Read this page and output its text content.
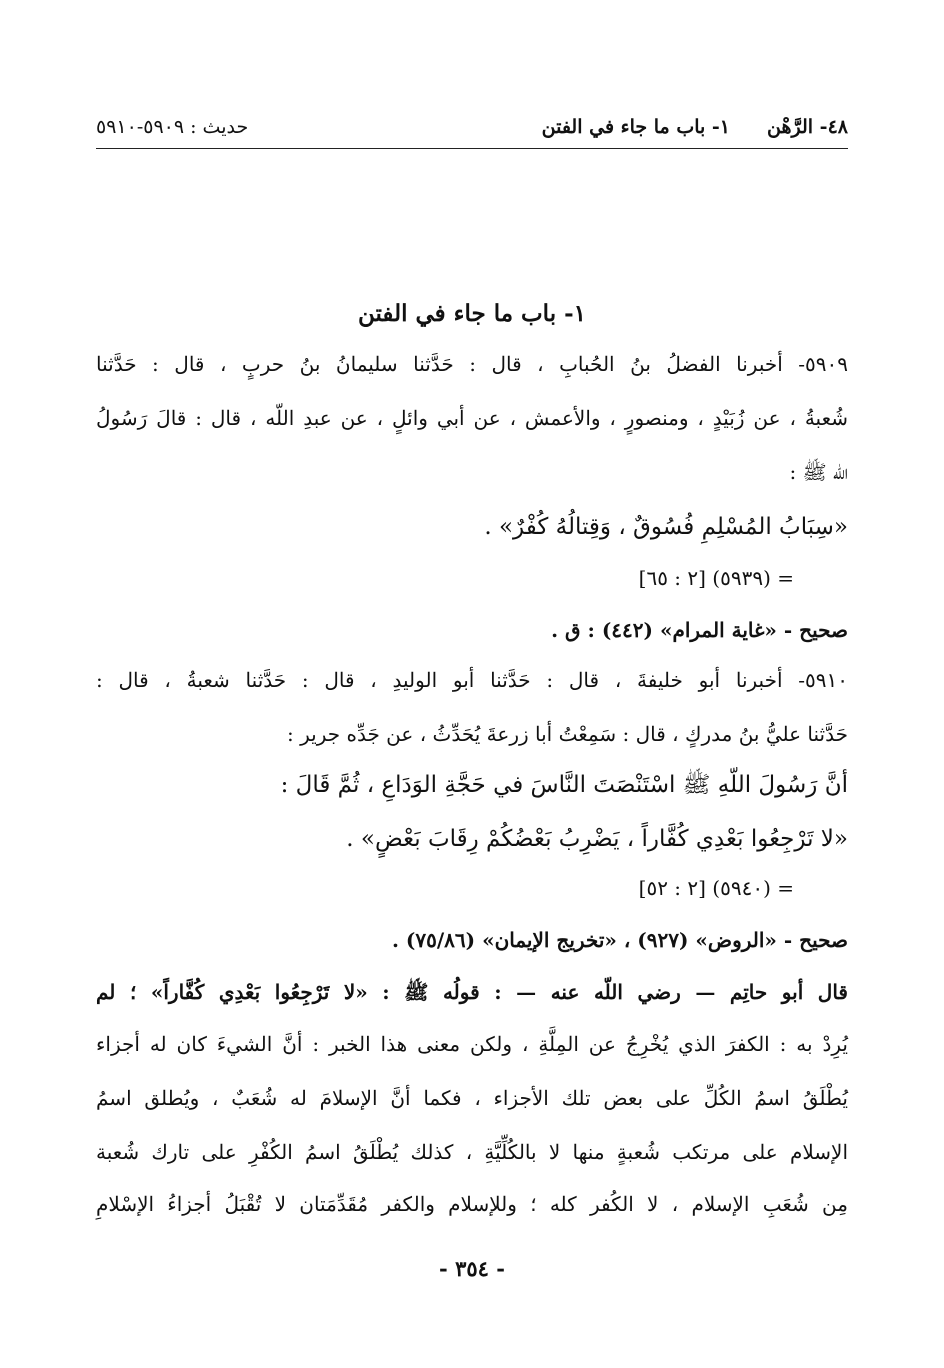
٤٨- الرَّهْن
١- باب ما جاء في الفتن
حديث : ٥٩٠٩-٥٩١٠
١- باب ما جاء في الفتن
٥٩٠٩- أخبرنا الفضلُ بنُ الحُبابِ ، قال : حَدَّثنا سليمانُ بنُ حربٍ ، قال : حَدَّثنا
شُعبةُ ، عن زُبَيْدٍ ، ومنصورٍ ، والأعمش ، عن أبي وائلٍ ، عن عبدِ اللّه ، قال : قالَ رَسُولُ
اللّه ﷺ :
«سِبَابُ المُسْلِمِ فُسُوقٌ ، وَقِتالُهُ كُفْرٌ» .
= (٥٩٣٩) [٢ : ٦٥]
صحيح - «غاية المرام» (٤٤٢) : ق .
٥٩١٠- أخبرنا أبو خليفةَ ، قال : حَدَّثنا أبو الوليدِ ، قال : حَدَّثنا شعبةُ ، قال :
حَدَّثنا عليُّ بنُ مدركٍ ، قال : سَمِعْتُ أبا زرعةَ يُحَدِّثُ ، عن جَدِّه جرير :
أنَّ رَسُولَ اللّهِ ﷺ اسْتَنْصَتَ النَّاسَ في حَجَّةِ الوَدَاعِ ، ثُمَّ قَالَ :
«لا تَرْجِعُوا بَعْدِي كُفَّاراً ، يَضْرِبُ بَعْضُكُمْ رِقَابَ بَعْضٍ» .
= (٥٩٤٠) [٢ : ٥٢]
صحيح - «الروض» (٩٢٧) ، «تخريج الإيمان» (٧٥/٨٦) .
قال أبو حاتِم — رضي اللّه عنه — : قولُه ﷺ : «لا تَرْجِعُوا بَعْدِي كُفَّاراً» ؛ لم
يُرِدْ به : الكفرَ الذي يُخْرِجُ عن المِلَّةِ ، ولكن معنى هذا الخبر : أنَّ الشيءَ كان له أجزاء
يُطْلَقُ اسمُ الكُلِّ على بعض تلك الأجزاء ، فكما أنَّ الإسلامَ له شُعَبٌ ، ويُطلق اسمُ
الإسلام على مرتكب شُعبةٍ منها لا بالكُلِّيَّةِ ، كذلك يُطْلَقُ اسمُ الكُفْرِ على تارك شُعبة
مِن شُعَبِ الإسلام ، لا الكُفر كله ؛ وللإسلام والكفر مُقَدِّمَتان لا تُقْبَلُ أجزاءُ الإسْلامِ
- ٣٥٤ -
